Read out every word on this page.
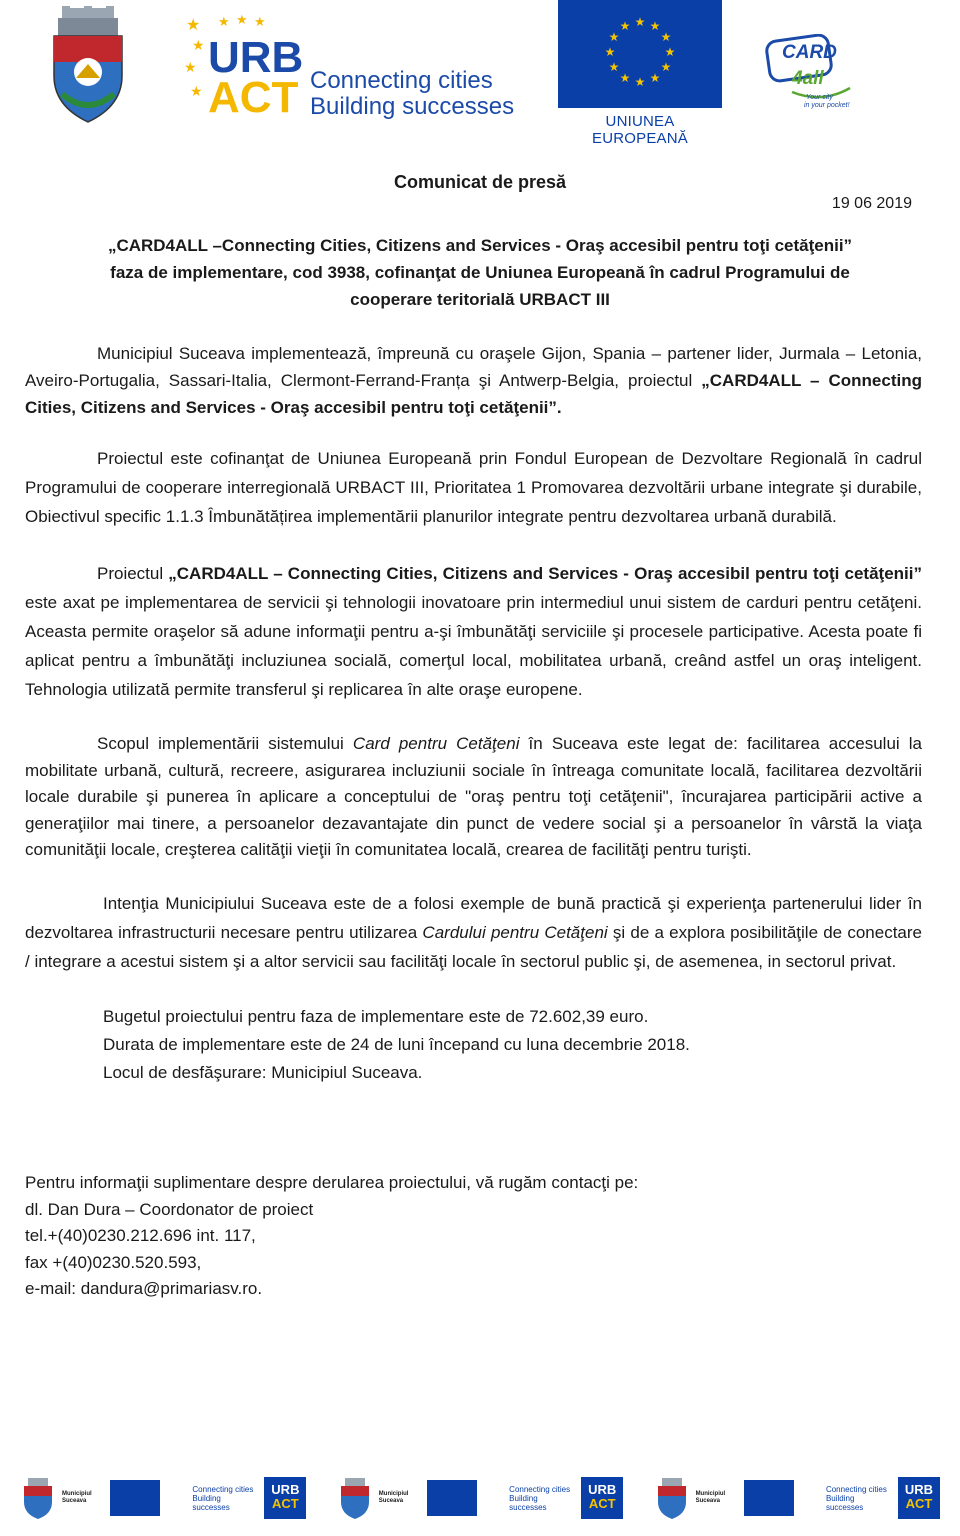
★
★
★
★
★ ★ ★
URB
ACT Connecting cities
Building successes
★ ★
★
★
★
★
★
★
★
★
★
★
UNIUNEA EUROPEANĂ
CARD
4all
Your city
in your pocket!
Comunicat de presă
19 06 2019
„CARD4ALL –Connecting Cities, Citizens and Services - Oraş accesibil pentru toţi cetăţenii”
faza de implementare, cod 3938, cofinanţat de Uniunea Europeană în cadrul Programului de
cooperare teritorială URBACT III
Municipiul Suceava implementează, împreună cu oraşele Gijon, Spania – partener lider, Jurmala – Letonia, Aveiro-Portugalia, Sassari-Italia, Clermont-Ferrand-Franța şi Antwerp-Belgia, proiectul „CARD4ALL – Connecting Cities, Citizens and Services - Oraş accesibil pentru toţi cetăţenii”.
Proiectul este cofinanţat de Uniunea Europeană prin Fondul European de Dezvoltare Regională în cadrul Programului de cooperare interregională URBACT III, Prioritatea 1 Promovarea dezvoltării urbane integrate şi durabile, Obiectivul specific 1.1.3 Îmbunătățirea implementării planurilor integrate pentru dezvoltarea urbană durabilă.
Proiectul „CARD4ALL – Connecting Cities, Citizens and Services - Oraş accesibil pentru toţi cetăţenii” este axat pe implementarea de servicii şi tehnologii inovatoare prin intermediul unui sistem de carduri pentru cetăţeni. Aceasta permite oraşelor să adune informaţii pentru a-şi îmbunătăţi serviciile şi procesele participative. Acesta poate fi aplicat pentru a îmbunătăţi incluziunea socială, comerţul local, mobilitatea urbană, creând astfel un oraş inteligent. Tehnologia utilizată permite transferul şi replicarea în alte oraşe europene.
Scopul implementării sistemului Card pentru Cetăţeni în Suceava este legat de: facilitarea accesului la mobilitate urbană, cultură, recreere, asigurarea incluziunii sociale în întreaga comunitate locală, facilitarea dezvoltării locale durabile şi punerea în aplicare a conceptului de "oraş pentru toţi cetăţenii", încurajarea participării active a generaţiilor mai tinere, a persoanelor dezavantajate din punct de vedere social şi a persoanelor în vârstă la viaţa comunităţii locale, creşterea calităţii vieţii în comunitatea locală, crearea de facilităţi pentru turişti.
Intenţia Municipiului Suceava este de a folosi exemple de bună practică şi experienţa partenerului lider în dezvoltarea infrastructurii necesare pentru utilizarea Cardului pentru Cetăţeni şi de a explora posibilităţile de conectare / integrare a acestui sistem şi a altor servicii sau facilităţi locale în sectorul public şi, de asemenea, in sectorul privat.
Bugetul proiectului pentru faza de implementare este de 72.602,39 euro.
Durata de implementare este de 24 de luni începand cu luna decembrie 2018.
Locul de desfăşurare: Municipiul Suceava.
Pentru informaţii suplimentare despre derularea proiectului, vă rugăm contacţi pe:
dl. Dan Dura – Coordonator de proiect
tel.+(40)0230.212.696 int. 117,
fax +(40)0230.520.593,
e-mail: dandura@primariasv.ro.
Municipiul
Suceava
Connecting cities
Building successes
URB
ACT
Municipiul
Suceava
Connecting cities
Building successes
URB
ACT
Municipiul
Suceava
Connecting cities
Building successes
URB
ACT
